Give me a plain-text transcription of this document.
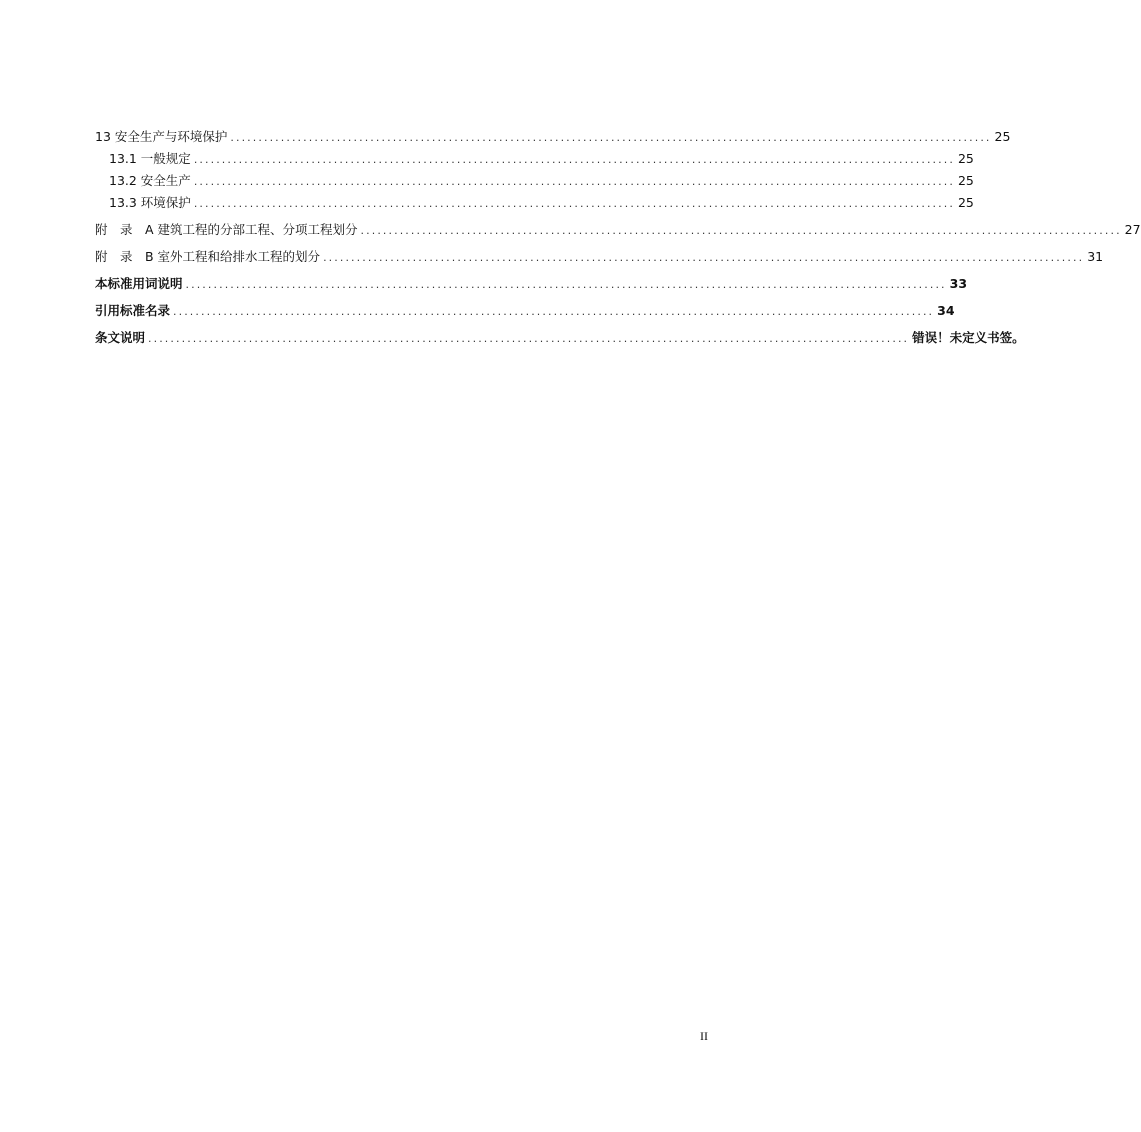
13 安全生产与环境保护 ........................................................................................................................................ 25
13.1 一般规定 ........................................................................................................................................ 25
13.2 安全生产 ........................................................................................................................................ 25
13.3 环境保护 ........................................................................................................................................ 25
附　录　A 建筑工程的分部工程、分项工程划分 ........................................................................................................................................ 27
附　录　B 室外工程和给排水工程的划分 ........................................................................................................................................ 31
本标准用词说明 ........................................................................................................................................ 33
引用标准名录 ........................................................................................................................................ 34
条文说明 ........................................................................................................................................ 错误！未定义书签。
II
